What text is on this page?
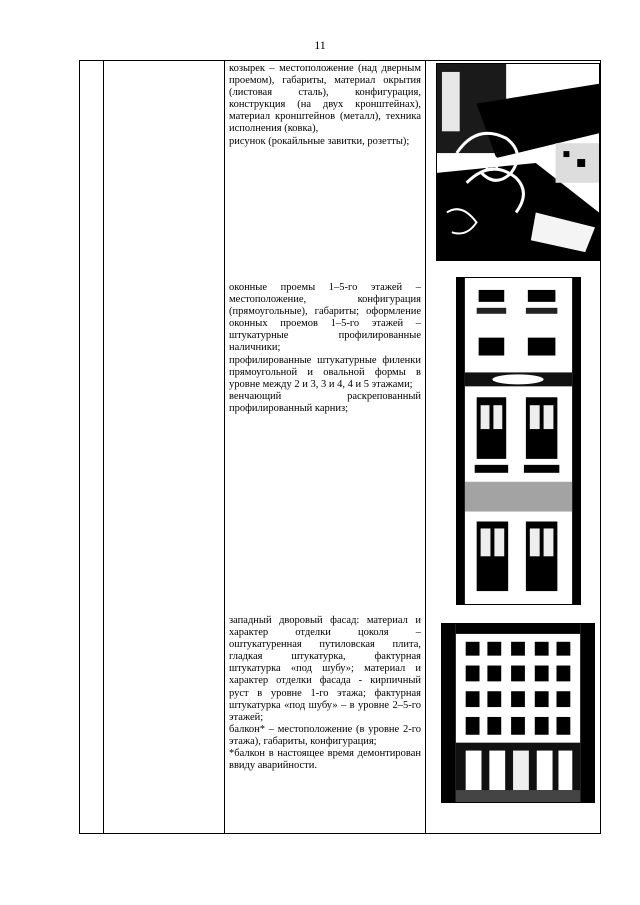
11

козырек – местоположение (над дверным проемом), габариты, материал окрытия (листовая сталь), конфигурация, конструкция (на двух кронштейнах), материал кронштейнов (металл), техника исполнения (ковка),

рисунок (рокайльные завитки, розетты);

оконные проемы 1–5-го этажей – местоположение, конфигурация (прямоугольные), габариты; оформление оконных проемов 1–5-го этажей – штукатурные профилированные наличники;

профилированные штукатурные филенки прямоугольной и овальной формы в уровне между 2 и 3, 3 и 4, 4 и 5 этажами;

венчающий раскрепованный профилированный карниз;

западный дворовый фасад: материал и характер отделки цоколя – оштукатуренная путиловская плита, гладкая штукатурка, фактурная штукатурка «под шубу»; материал и характер отделки фасада - кирпичный руст в уровне 1-го этажа; фактурная штукатурка «под шубу» – в уровне 2–5-го этажей;

балкон* – местоположение (в уровне 2-го этажа), габариты, конфигурация;

*балкон в настоящее время демонтирован ввиду аварийности.
